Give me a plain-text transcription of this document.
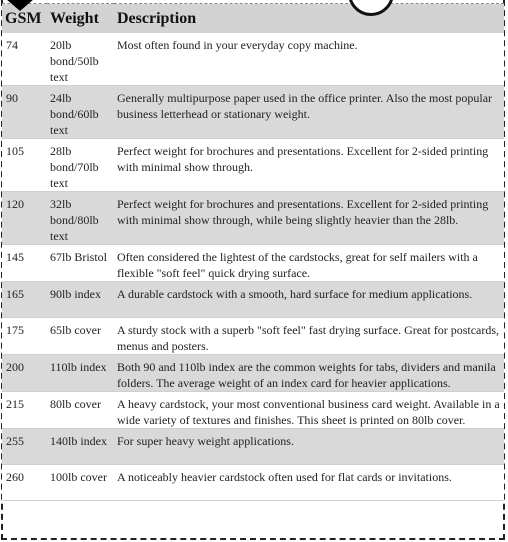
GSM	Weight	Description
74	20lb bond/50lb text	Most often found in your everyday copy machine.
90	24lb bond/60lb text	Generally multipurpose paper used in the office printer. Also the most popular business letterhead or stationary weight.
105	28lb bond/70lb text	Perfect weight for brochures and presentations. Excellent for 2-sided printing with minimal show through.
120	32lb bond/80lb text	Perfect weight for brochures and presentations. Excellent for 2-sided printing with minimal show through, while being slightly heavier than the 28lb.
145	67lb Bristol	Often considered the lightest of the cardstocks, great for self mailers with a flexible "soft feel" quick drying surface.
165	90lb index	A durable cardstock with a smooth, hard surface for medium applications.
175	65lb cover	A sturdy stock with a superb "soft feel" fast drying surface. Great for postcards, menus and posters.
200	110lb index	Both 90 and 110lb index are the common weights for tabs, dividers and manila folders. The average weight of an index card for heavier applications.
215	80lb cover	A heavy cardstock, your most conventional business card weight. Available in a wide variety of textures and finishes. This sheet is printed on 80lb cover.
255	140lb index	For super heavy weight applications.
260	100lb cover	A noticeably heavier cardstock often used for flat cards or invitations.
